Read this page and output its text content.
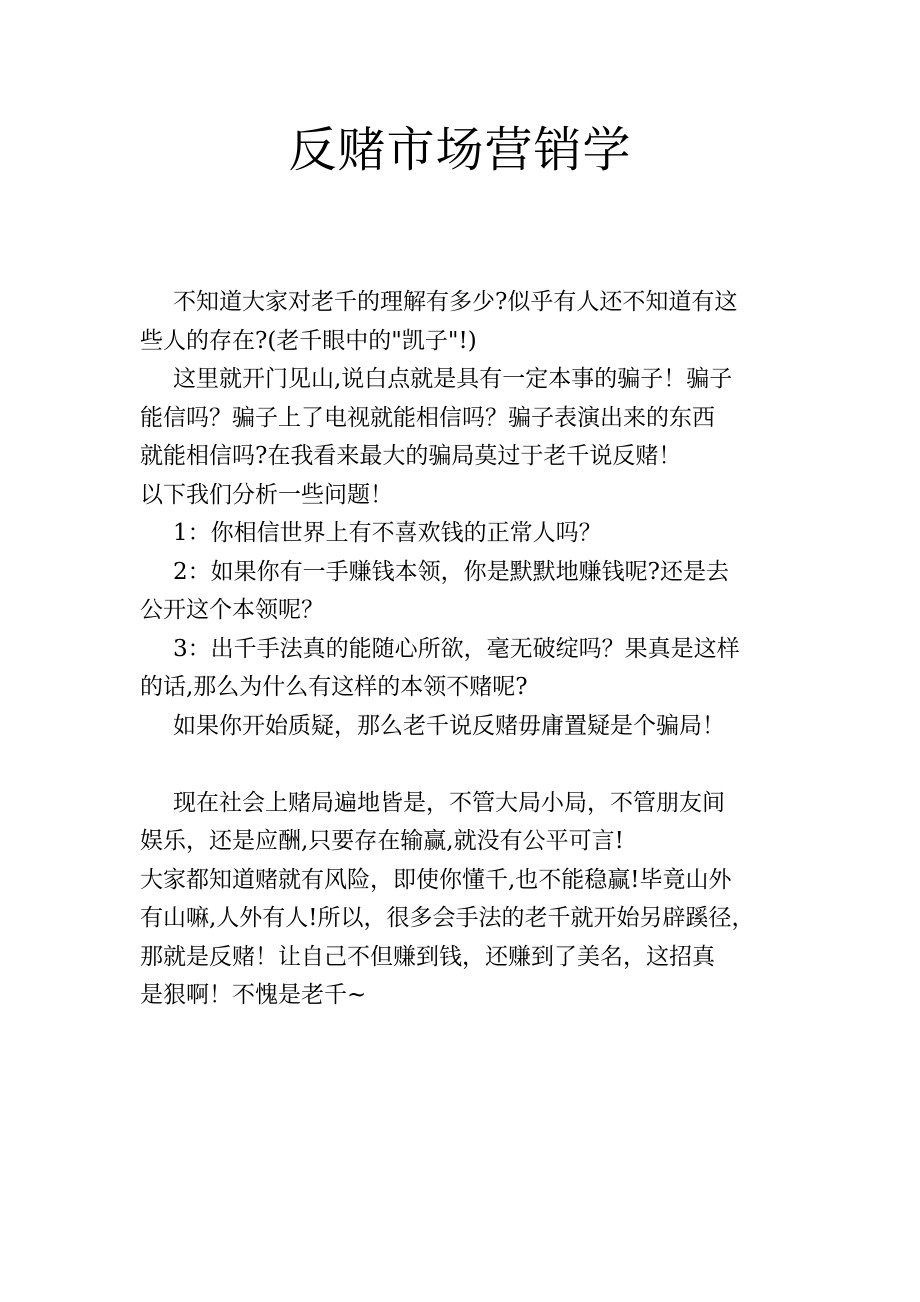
反赌市场营销学
不知道大家对老千的理解有多少?似乎有人还不知道有这
些人的存在?(老千眼中的"凯子"!)
这里就开门见山,说白点就是具有一定本事的骗子！骗子
能信吗？骗子上了电视就能相信吗？骗子表演出来的东西
就能相信吗?在我看来最大的骗局莫过于老千说反赌！
以下我们分析一些问题！
1：你相信世界上有不喜欢钱的正常人吗？
2：如果你有一手赚钱本领，你是默默地赚钱呢?还是去
公开这个本领呢？
3：出千手法真的能随心所欲，毫无破绽吗？果真是这样
的话,那么为什么有这样的本领不赌呢?
如果你开始质疑，那么老千说反赌毋庸置疑是个骗局！
现在社会上赌局遍地皆是，不管大局小局，不管朋友间
娱乐，还是应酬,只要存在输赢,就没有公平可言!
大家都知道赌就有风险，即使你懂千,也不能稳赢!毕竟山外
有山嘛,人外有人!所以，很多会手法的老千就开始另辟蹊径，
那就是反赌！让自己不但赚到钱，还赚到了美名，这招真
是狠啊！不愧是老千~
